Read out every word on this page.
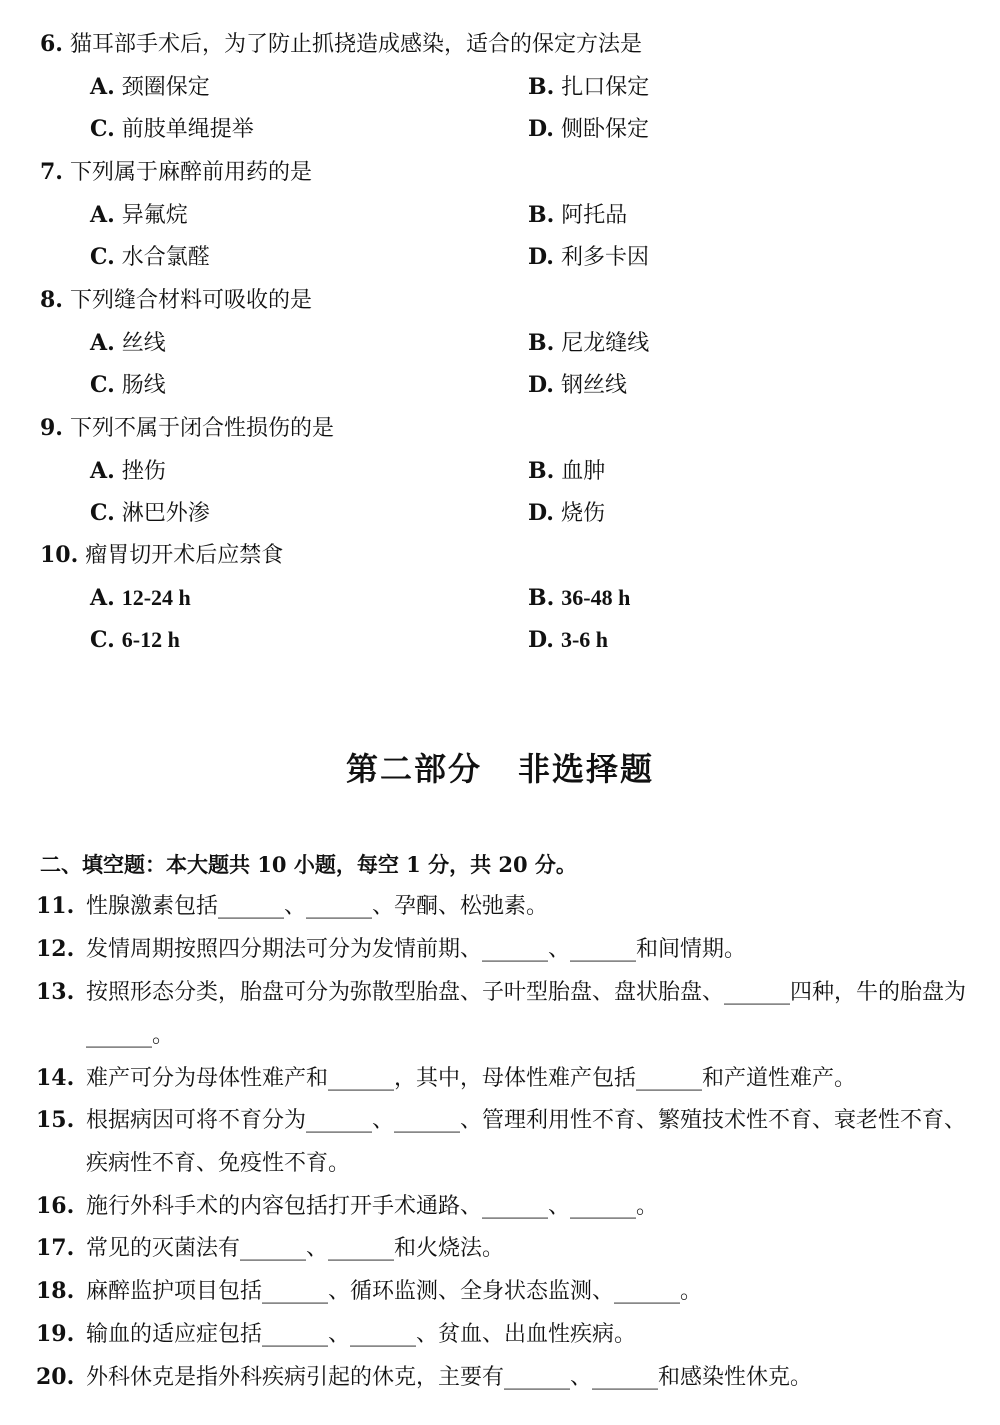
6. 猫耳部手术后，为了防止抓挠造成感染，适合的保定方法是
A. 颈圈保定	B. 扎口保定
C. 前肢单绳提举	D. 侧卧保定
7. 下列属于麻醉前用药的是
A. 异氟烷	B. 阿托品
C. 水合氯醛	D. 利多卡因
8. 下列缝合材料可吸收的是
A. 丝线	B. 尼龙缝线
C. 肠线	D. 钢丝线
9. 下列不属于闭合性损伤的是
A. 挫伤	B. 血肿
C. 淋巴外渗	D. 烧伤
10. 瘤胃切开术后应禁食
A. 12-24 h	B. 36-48 h
C. 6-12 h	D. 3-6 h
第二部分 非选择题
二、填空题：本大题共 10 小题，每空 1 分，共 20 分。
11. 性腺激素包括______、______、孕酮、松弛素。
12. 发情周期按照四分期法可分为发情前期、______、______和间情期。
13. 按照形态分类，胎盘可分为弥散型胎盘、子叶型胎盘、盘状胎盘、______四种，牛的胎盘为______。
14. 难产可分为母体性难产和______，其中，母体性难产包括______和产道性难产。
15. 根据病因可将不育分为______、______、管理利用性不育、繁殖技术性不育、衰老性不育、疾病性不育、免疫性不育。
16. 施行外科手术的内容包括打开手术通路、______、______。
17. 常见的灭菌法有______、______和火烧法。
18. 麻醉监护项目包括______、循环监测、全身状态监测、______。
19. 输血的适应症包括______、______、贫血、出血性疾病。
20. 外科休克是指外科疾病引起的休克，主要有______、______和感染性休克。
